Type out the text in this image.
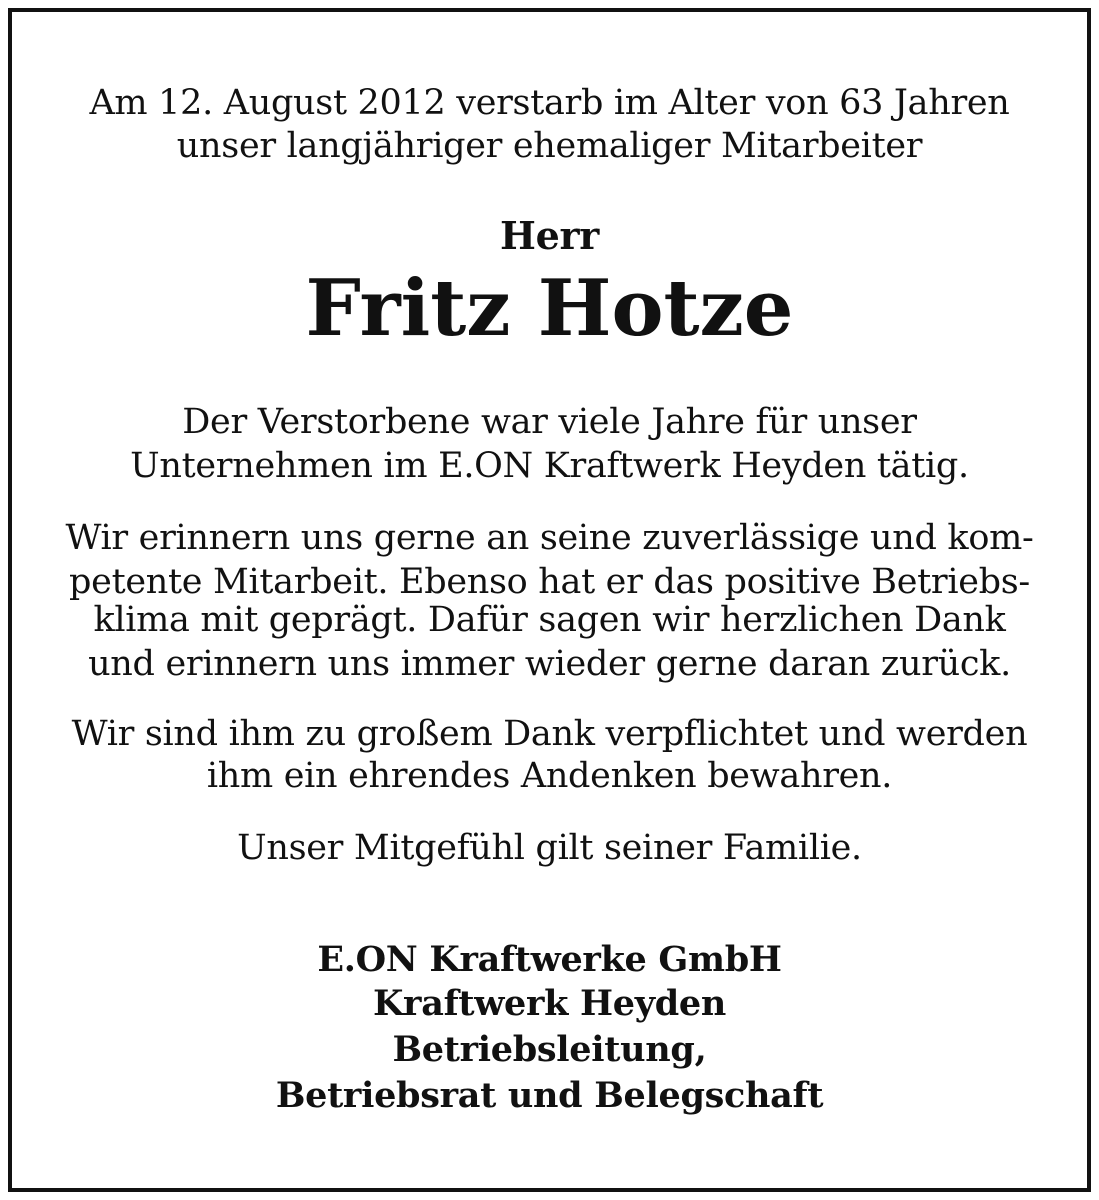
Am 12. August 2012 verstarb im Alter von 63 Jahren
unser langjähriger ehemaliger Mitarbeiter
Herr
Fritz Hotze
Der Verstorbene war viele Jahre für unser
Unternehmen im E.ON Kraftwerk Heyden tätig.
Wir erinnern uns gerne an seine zuverlässige und kom-
petente Mitarbeit. Ebenso hat er das positive Betriebs-
klima mit geprägt. Dafür sagen wir herzlichen Dank
und erinnern uns immer wieder gerne daran zurück.
Wir sind ihm zu großem Dank verpflichtet und werden
ihm ein ehrendes Andenken bewahren.
Unser Mitgefühl gilt seiner Familie.
E.ON Kraftwerke GmbH
Kraftwerk Heyden
Betriebsleitung,
Betriebsrat und Belegschaft
